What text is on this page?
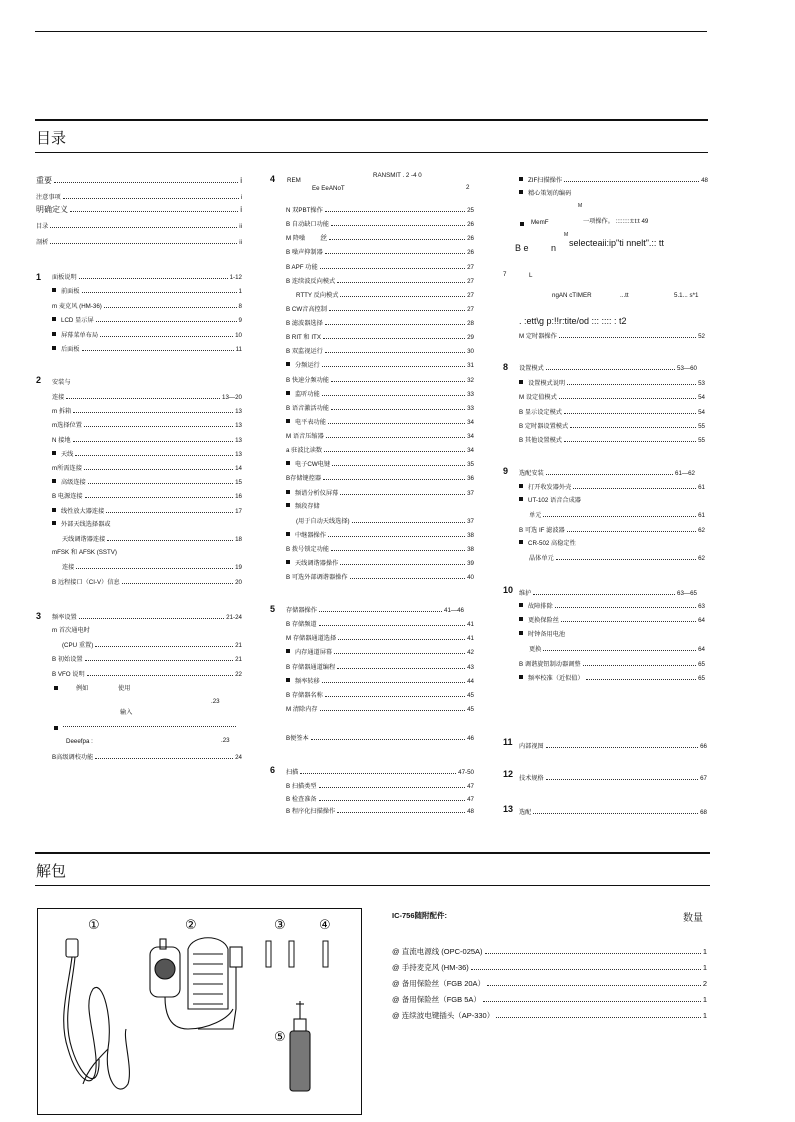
目录
解包
①	②	③	④
⑤
重要	i
注意事项	i
明确定义	i
目录	ii
剖析	ii
1 面板说明	1-12
前面板	1
m 麦克风 (HM-36)	8
LCD 显示屏	9
屏幕菜单布局	10
后面板	11
2 安装与
连接	13—20
m 拆箱	13
m选择位置	13
N 接地	13
天线	13
m所需连接	14
高级连接	15
B 电源连接	16
线性放大器连接	17
外部天线选择器或
天线调谐器连接	18
mFSK 和 AFSK (SSTV)
连接	19
B 远程接口（CI-V）信息	20
3 频率设置	21-24
m 首次通电时
(CPU 重置)	21
B 初始设置	21
B VFO 说明	22
例如	使用
.23
输入
Deeefpa :	.23
B高级调校功能	24
4 REM
RANSMIT . 2 -4 0
Ee EeANoT	2
N 双PBT操作	25
B 自动缺口功能	26
M 降噪	丝	26
B 噪声抑制器	26
B APF 功能	27
B 连续波反向模式	27
RTTY 反向模式	27
B CW音高控制	27
B 滤波器选择	28
B RIT 和 ITX	29
B 双监视运行	30
分频运行	31
B 快速分频功能	32
监听功能	33
B 语音激活功能	33
电平表功能	34
M 语音压缩器	34
a 驻波比读数	34
电子CW电键	35
B存储键控器	36
频谱分析仪屏幕	37
频段存储
(用于自动天线选择)	37
中继器操作	38
B 拨号锁定功能	38
天线调谐器操作	39
B 可选外部调谐器操作	40
5 存储器操作	41—46
B 存储频道	41
M 存储器通道选择	41
内存通道屏幕	42
B 存储器通道编程	43
频率转移	44
B 存储器名称	45
M 清除内存	45
B便签本	46
6 扫描	47-50
B 扫描类型	47
B 检查准备	47
B 程序化扫描操作	48
ZIF扫描操作	48
精心策划的编码
M
MemF	一项操作。 :::::::::t:t:t 49
B e n
M
selecteaii:ip"ti nnelt".:: tt
7	L
ngAN cTIMER	...tt	5.1... s*1
. :ett\g p:!!r:tite/od ::: :::: : t2
M 定时器操作	52
8 设置模式	53—60
设置模式说明	53
M 设定值模式	54
B 显示设定模式	54
B 定时器设置模式	55
B 其他设置模式	55
9 选配安装	61—62
打开收发器外壳	61
UT-102 语音合成器
单元	61
B 可选 IF 滤波器	62
CR-502 高稳定性
晶体单元	62
10 维护	63—65
故障排除	63
更换保险丝	64
时钟备用电池
更换	64
B 调谐旋钮制动器调整	65
频率校准（近似值）	65
11 内部视图	66
12 技术规格	67
13 选配	68
IC-756随附配件:	数量
@ 直流电源线 (OPC-025A)	1
@ 手持麦克风 (HM-36)	1
@ 备用保险丝（FGB 20A）	2
@ 备用保险丝（FGB 5A）	1
@ 连续波电键插头（AP-330）	1
